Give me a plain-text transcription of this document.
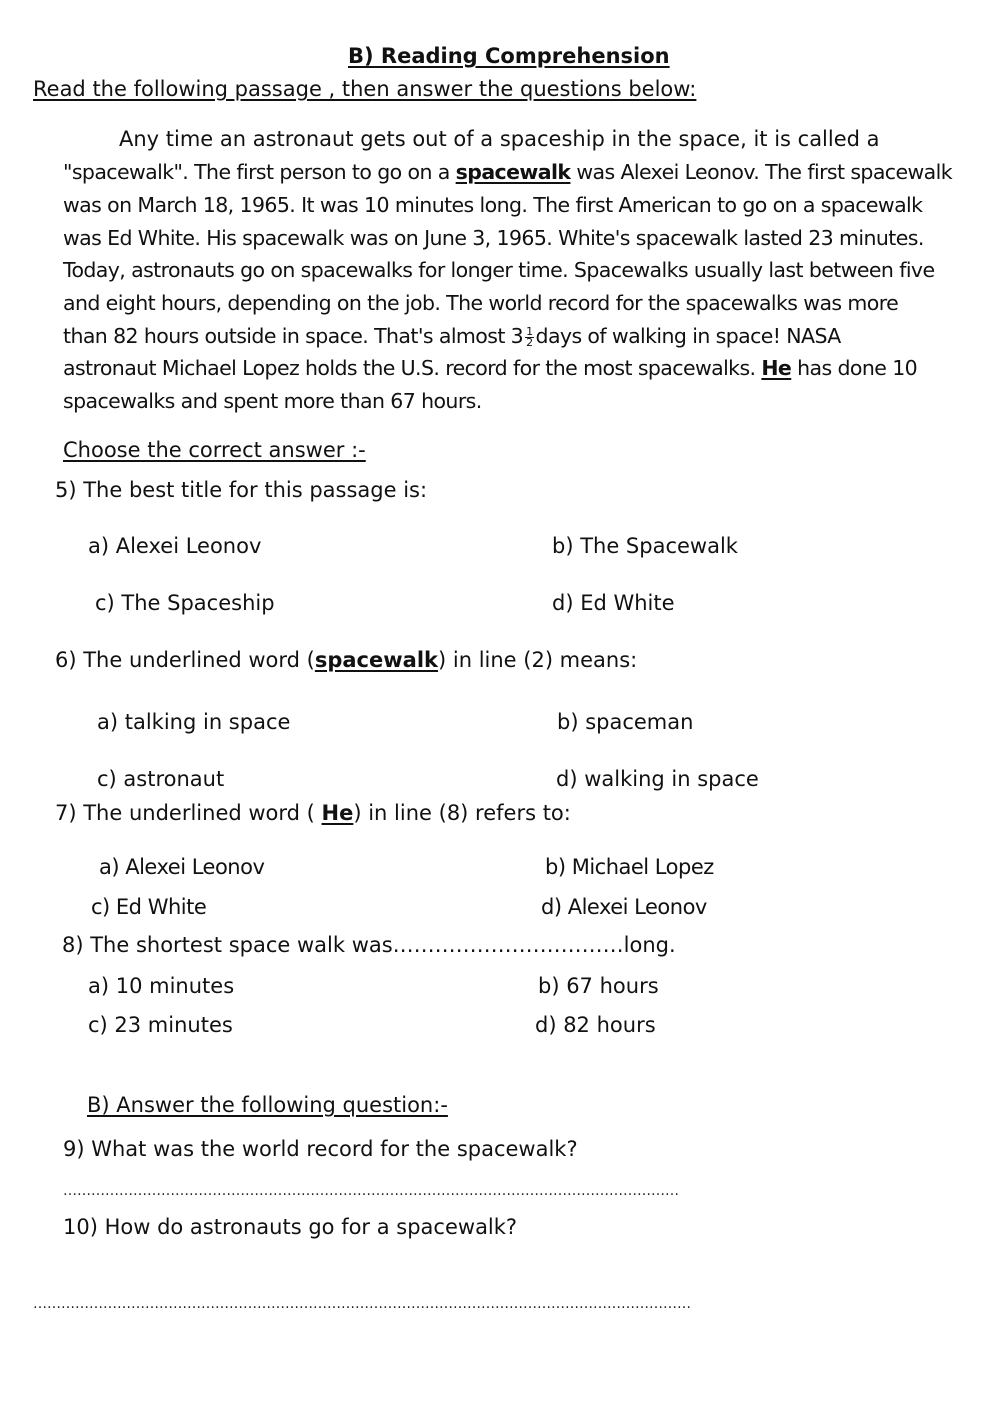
B) Reading Comprehension
Read the following passage , then answer the questions below:
Any time an astronaut gets out of a spaceship in the space, it is called a
"spacewalk". The first person to go on a spacewalk was Alexei Leonov. The first spacewalk
was on March 18, 1965. It was 10 minutes long. The first American to go on a spacewalk
was Ed White. His spacewalk was on June 3, 1965. White's spacewalk lasted 23 minutes.
Today, astronauts go on spacewalks for longer time. Spacewalks usually last between five
and eight hours, depending on the job. The world record for the spacewalks was more
than 82 hours outside in space. That's almost $3 \frac{1}{2}$ days of walking in space! NASA
astronaut Michael Lopez holds the U.S. record for the most spacewalks. He has done 10
spacewalks and spent more than 67 hours.
Choose the correct answer :-
5) The best title for this passage is:
a) Alexei Leonov	b) The Spacewalk
c) The Spaceship	d) Ed White
6) The underlined word (spacewalk) in line (2) means:
a) talking in space	b) spaceman
c) astronaut	d) walking in space
7) The underlined word ( He) in line (8) refers to:
a) Alexei Leonov	b) Michael Lopez
c) Ed White	d) Alexei Leonov
8) The shortest space walk was……………………………long.
a) 10 minutes	b) 67 hours
c) 23 minutes	d) 82 hours
B) Answer the following question:-
9) What was the world record for the spacewalk?
……………………………………………………………………………………………………………………
10) How do astronauts go for a spacewalk?
……………………………………………………………………………………………………………………………
